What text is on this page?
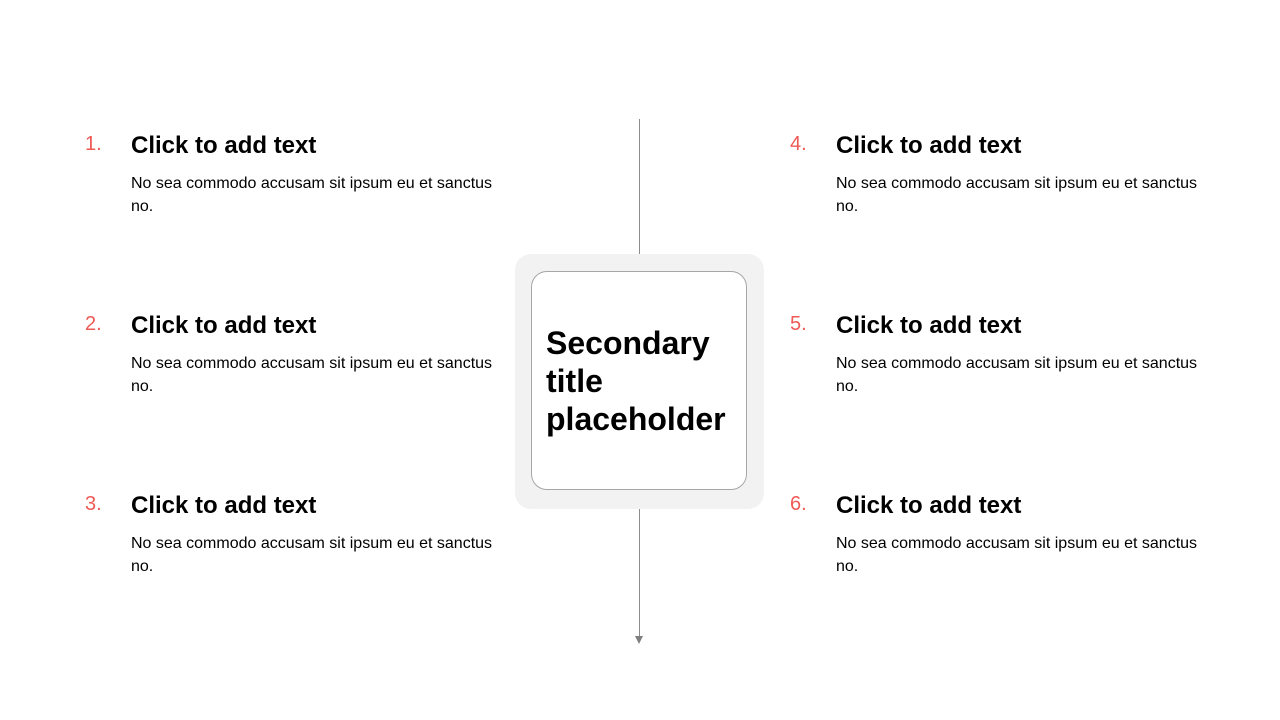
Secondary title placeholder

1. Click to add text
No sea commodo accusam sit ipsum eu et sanctus no.
2. Click to add text
No sea commodo accusam sit ipsum eu et sanctus no.
3. Click to add text
No sea commodo accusam sit ipsum eu et sanctus no.
4. Click to add text
No sea commodo accusam sit ipsum eu et sanctus no.
5. Click to add text
No sea commodo accusam sit ipsum eu et sanctus no.
6. Click to add text
No sea commodo accusam sit ipsum eu et sanctus no.
